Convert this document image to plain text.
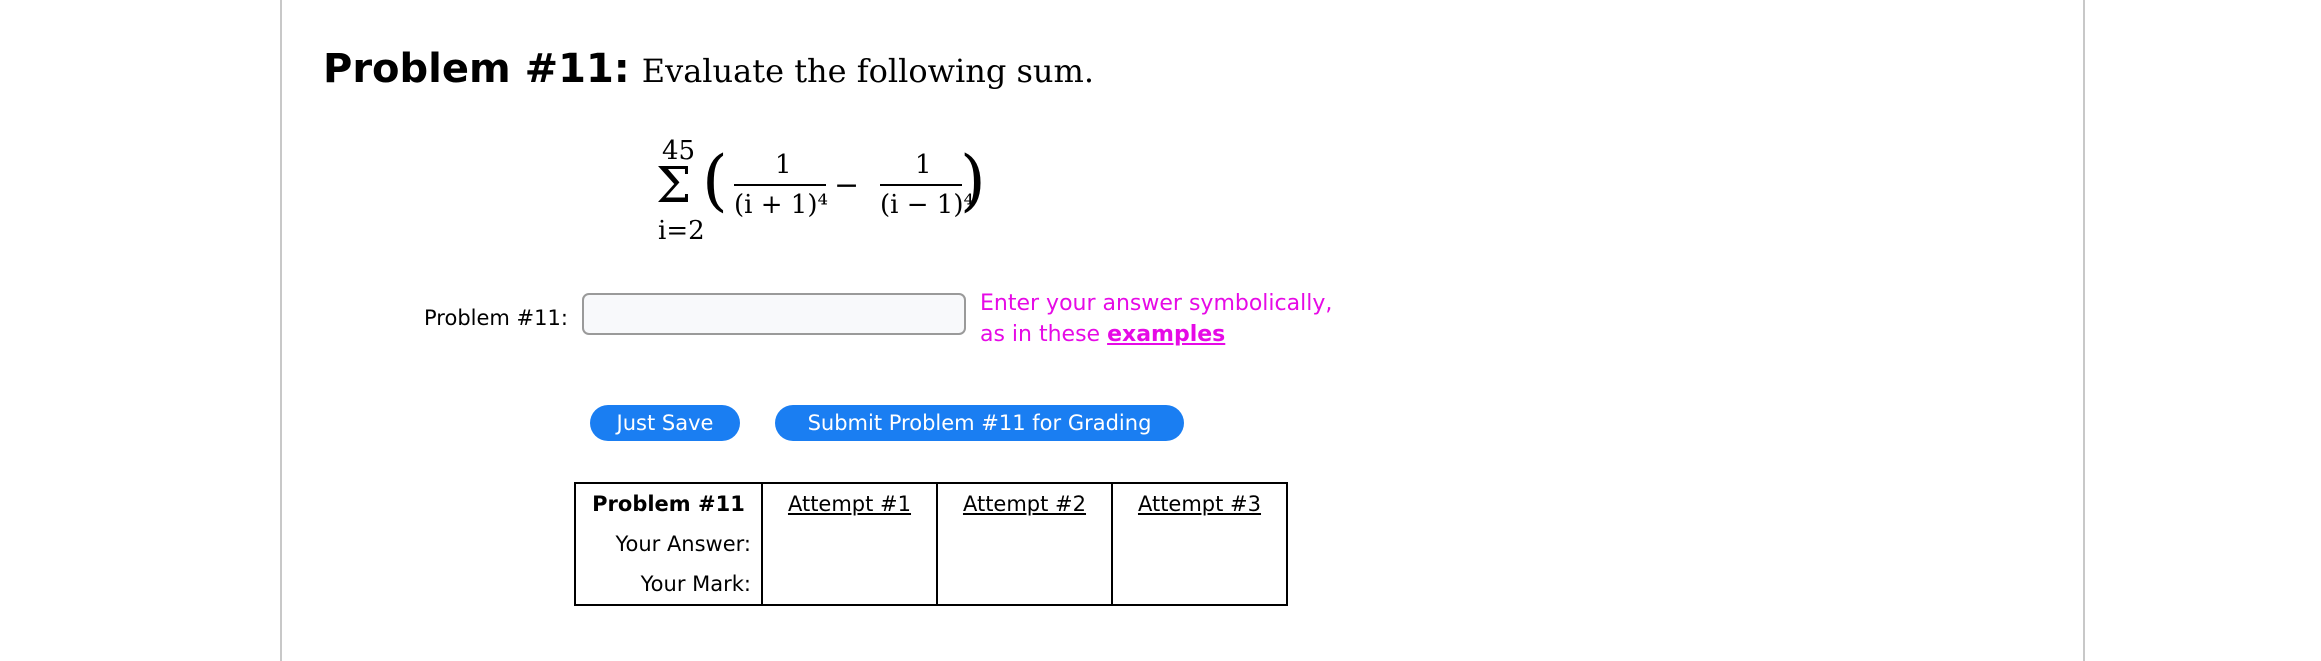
Problem #11: Evaluate the following sum.
45
Σ
i=2
( 1
(i + 1)⁴
−
1
(i − 1)⁴
)
Problem #11:
Enter your answer symbolically,
as in these examples
Just Save	Submit Problem #11 for Grading
Problem #11	Attempt #1	Attempt #2	Attempt #3
Your Answer:			
Your Mark:			
